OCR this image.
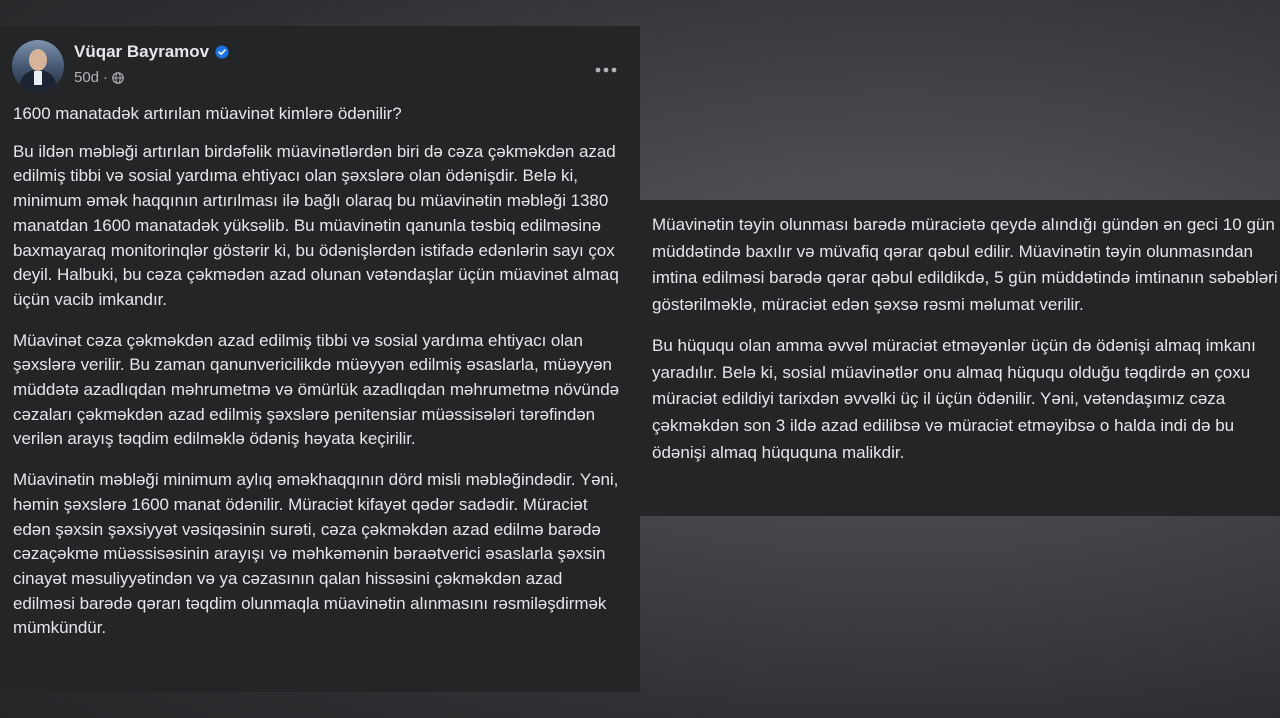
Vüqar Bayramov
50d ·

1600 manatadək artırılan müavinət kimlərə ödənilir?

Bu ildən məbləği artırılan birdəfəlik müavinətlərdən biri də cəza çəkməkdən azad edilmiş tibbi və sosial yardıma ehtiyacı olan şəxslərə olan ödənişdir. Belə ki, minimum əmək haqqının artırılması ilə bağlı olaraq bu müavinətin məbləği 1380 manatdan 1600 manatadək yüksəlib. Bu müavinətin qanunla təsbiq edilməsinə baxmayaraq monitorinqlər göstərir ki, bu ödənişlərdən istifadə edənlərin sayı çox deyil. Halbuki, bu cəza çəkmədən azad olunan vətəndaşlar üçün müavinət almaq üçün vacib imkandır.

Müavinət cəza çəkməkdən azad edilmiş tibbi və sosial yardıma ehtiyacı olan şəxslərə verilir. Bu zaman qanunvericilikdə müəyyən edilmiş əsaslarla, müəyyən müddətə azadlıqdan məhrumetmə və ömürlük azadlıqdan məhrumetmə növündə cəzaları çəkməkdən azad edilmiş şəxslərə penitensiar müəssisələri tərəfindən verilən arayış təqdim edilməklə ödəniş həyata keçirilir.

Müavinətin məbləği minimum aylıq əməkhaqqının dörd misli məbləğindədir. Yəni, həmin şəxslərə 1600 manat ödənilir. Müraciət kifayət qədər sadədir. Müraciət edən şəxsin şəxsiyyət vəsiqəsinin surəti, cəza çəkməkdən azad edilmə barədə cəzaçəkmə müəssisəsinin arayışı və məhkəmənin bəraətverici əsaslarla şəxsin cinayət məsuliyyətindən və ya cəzasının qalan hissəsini çəkməkdən azad edilməsi barədə qərarı təqdim olunmaqla müavinətin alınmasını rəsmiləşdirmək mümkündür.

Müavinətin təyin olunması barədə müraciətə qeydə alındığı gündən ən geci 10 gün müddətində baxılır və müvafiq qərar qəbul edilir. Müavinətin təyin olunmasından imtina edilməsi barədə qərar qəbul edildikdə, 5 gün müddətində imtinanın səbəbləri göstərilməklə, müraciət edən şəxsə rəsmi məlumat verilir.

Bu hüququ olan amma əvvəl müraciət etməyənlər üçün də ödənişi almaq imkanı yaradılır. Belə ki, sosial müavinətlər onu almaq hüququ olduğu təqdirdə ən çoxu müraciət edildiyi tarixdən əvvəlki üç il üçün ödənilir. Yəni, vətəndaşımız cəza çəkməkdən son 3 ildə azad edilibsə və müraciət etməyibsə o halda indi də bu ödənişi almaq hüququna malikdir.
